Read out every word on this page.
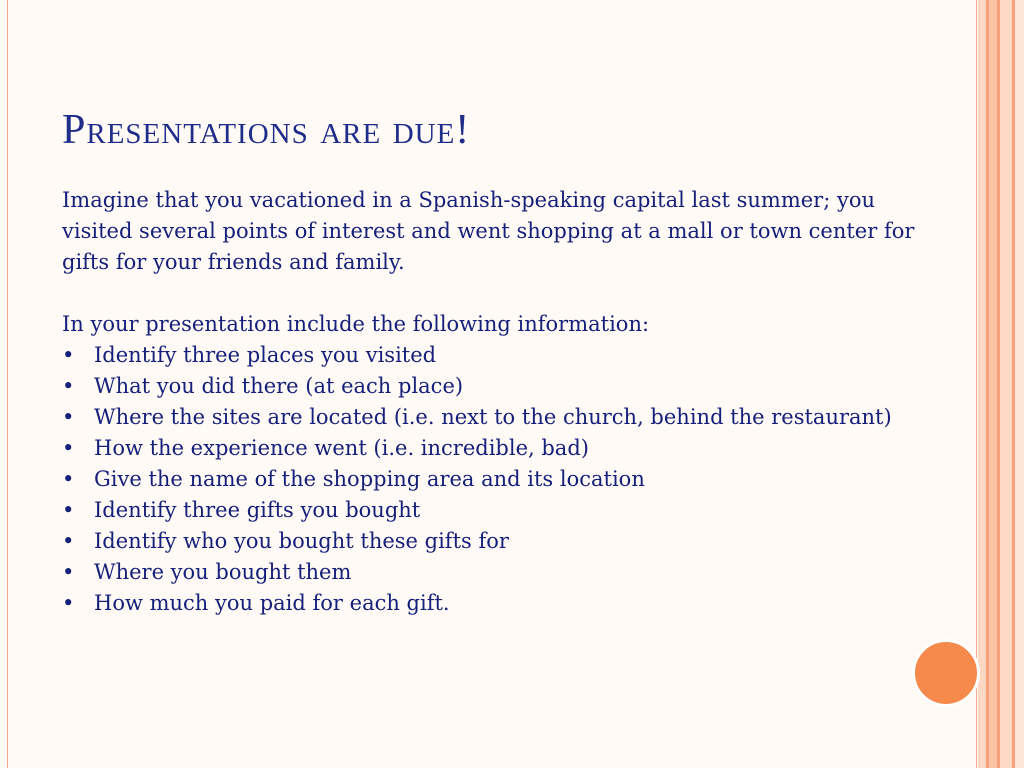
Presentations are due!

Imagine that you vacationed in a Spanish-speaking capital last summer; you visited several points of interest and went shopping at a mall or town center for gifts for your friends and family.

In your presentation include the following information:

• Identify three places you visited
• What you did there (at each place)
• Where the sites are located (i.e. next to the church, behind the restaurant)
• How the experience went (i.e. incredible, bad)
• Give the name of the shopping area and its location
• Identify three gifts you bought
• Identify who you bought these gifts for
• Where you bought them
• How much you paid for each gift.
